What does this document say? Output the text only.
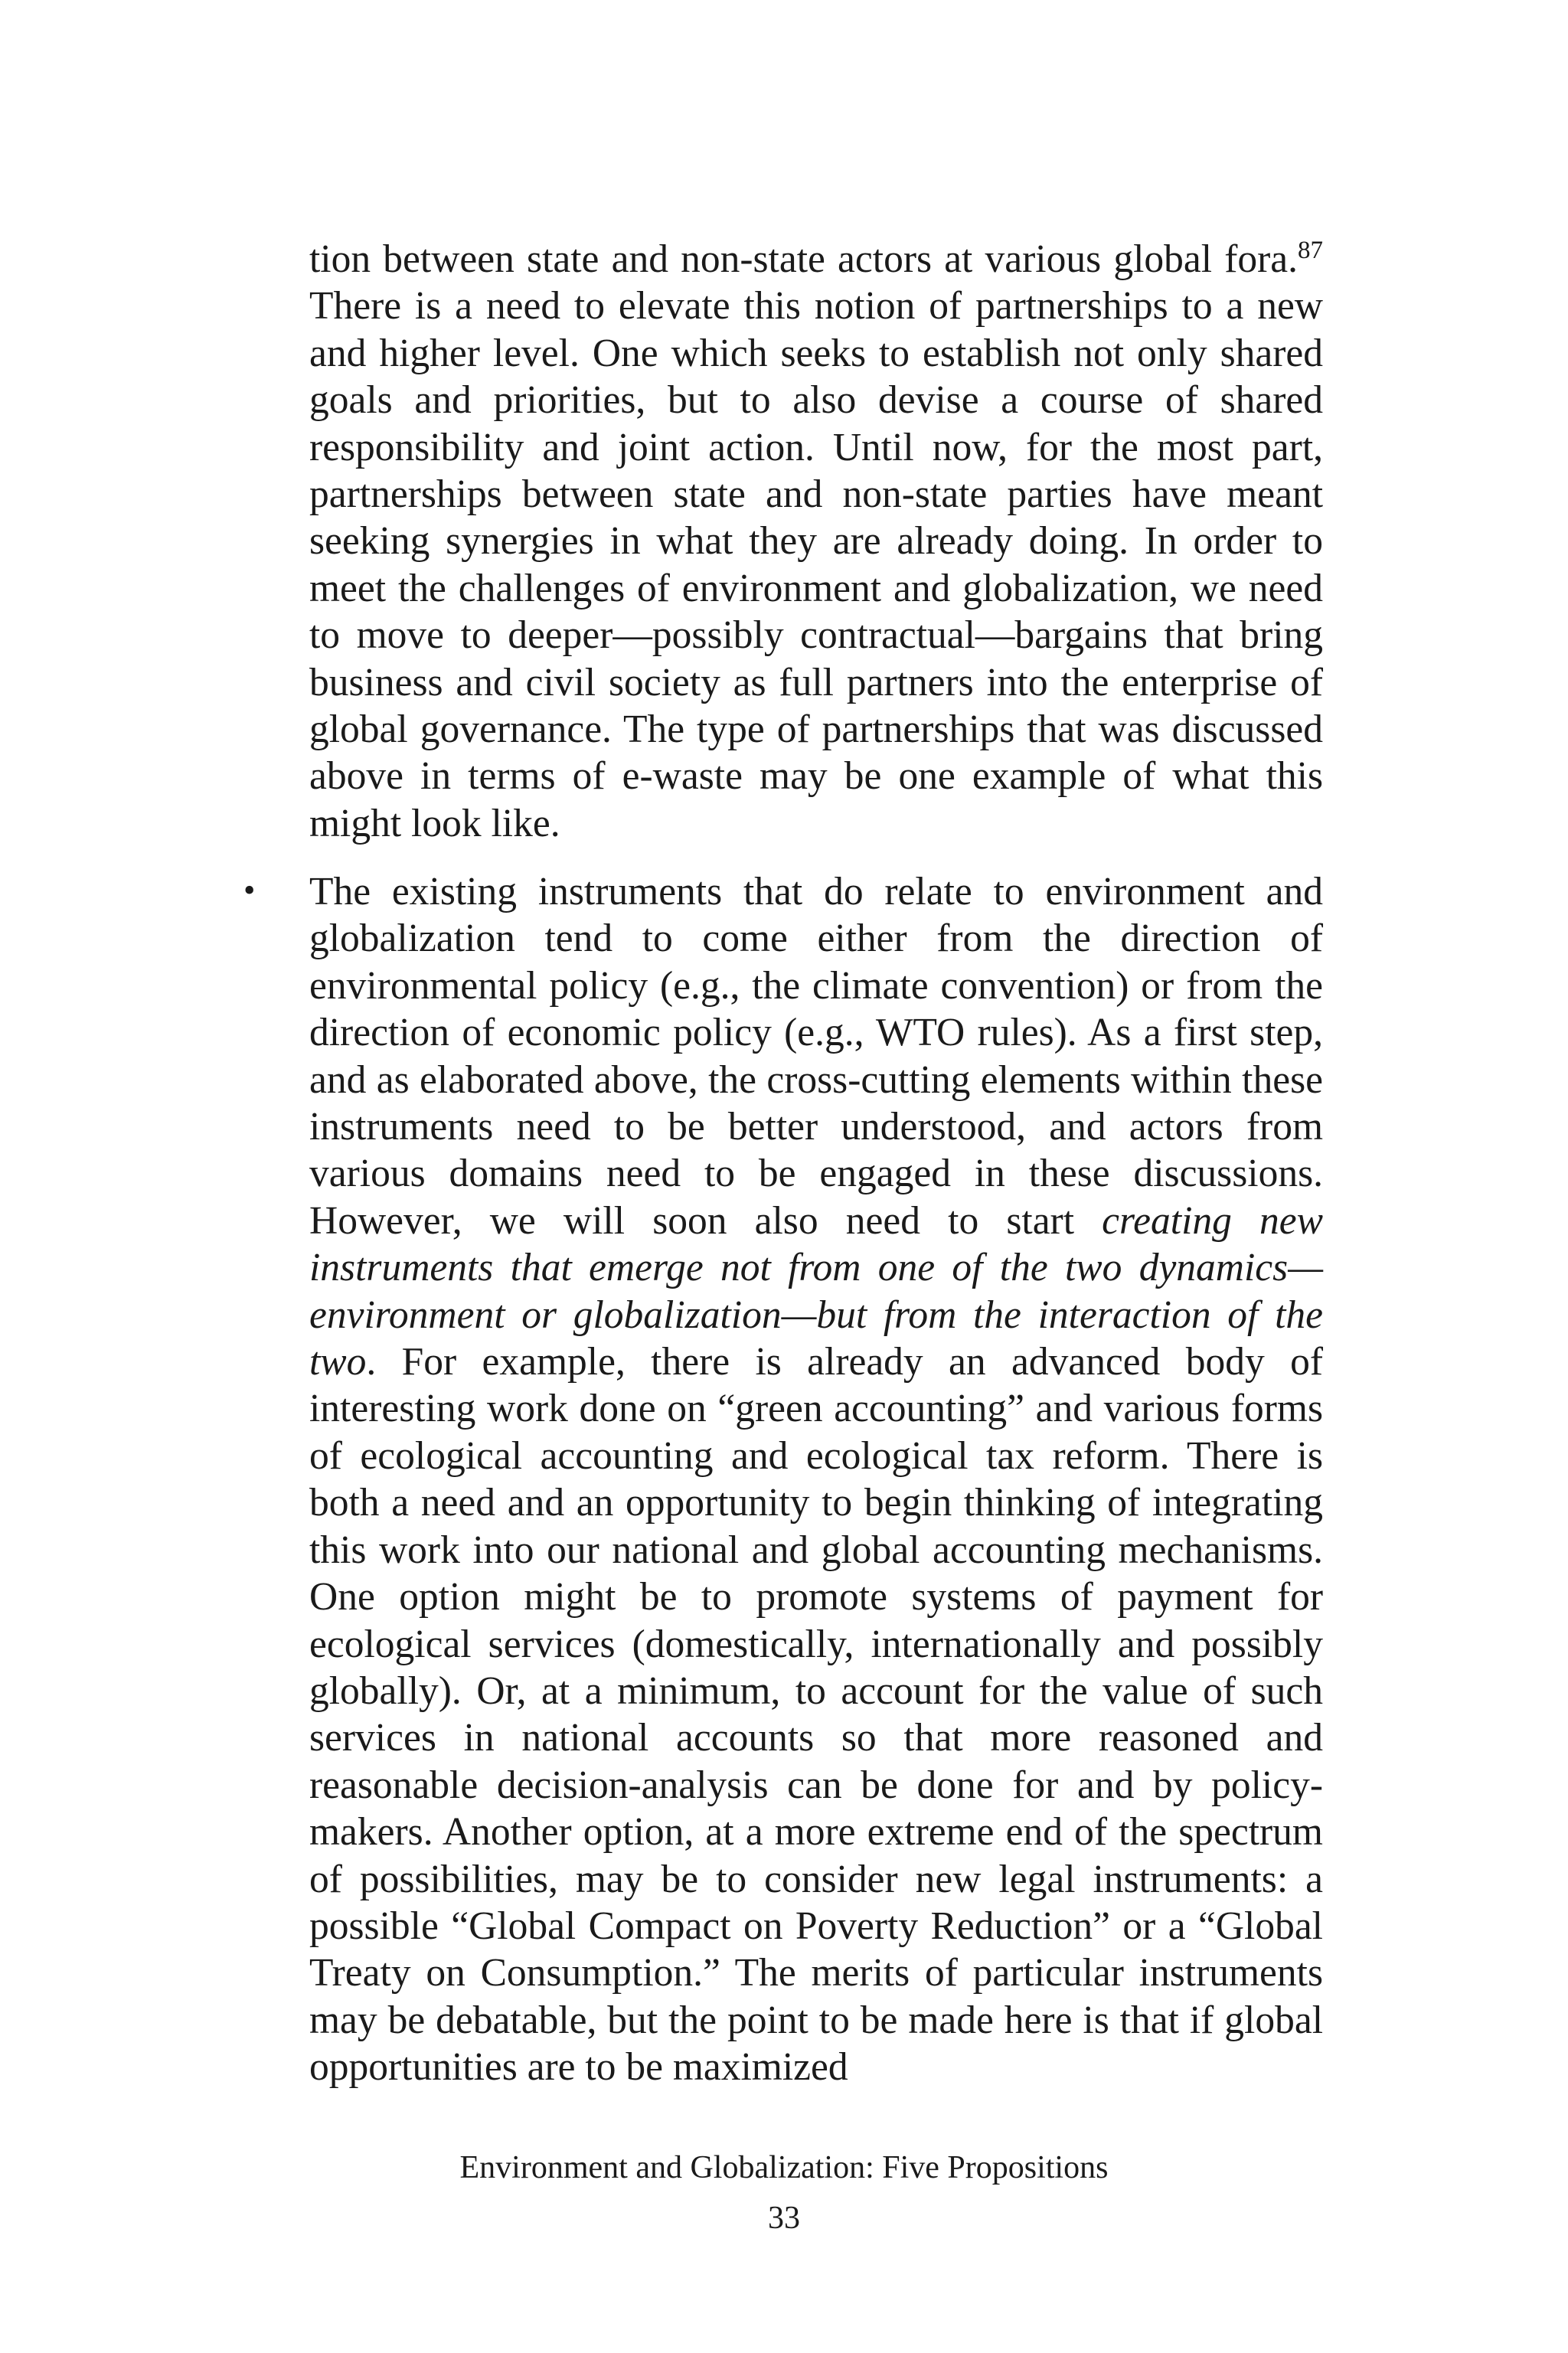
tion between state and non-state actors at various global fora.$^{87}$ There is a need to elevate this notion of partnerships to a new and higher level. One which seeks to establish not only shared goals and priorities, but to also devise a course of shared responsibility and joint action. Until now, for the most part, partnerships between state and non-state parties have meant seeking synergies in what they are already doing. In order to meet the challenges of environment and globalization, we need to move to deeper—possibly contractual—bargains that bring business and civil society as full partners into the enterprise of global governance. The type of partnerships that was discussed above in terms of e-waste may be one example of what this might look like.
• The existing instruments that do relate to environment and globalization tend to come either from the direction of environmental policy (e.g., the climate convention) or from the direction of economic policy (e.g., WTO rules). As a first step, and as elaborated above, the cross-cutting elements within these instruments need to be better understood, and actors from various domains need to be engaged in these discussions. However, we will soon also need to start creating new instruments that emerge not from one of the two dynamics—environment or globalization—but from the interaction of the two. For example, there is already an advanced body of interesting work done on “green accounting” and various forms of ecological accounting and ecological tax reform. There is both a need and an opportunity to begin thinking of integrating this work into our national and global accounting mechanisms. One option might be to promote systems of payment for ecological services (domestically, internationally and possibly globally). Or, at a minimum, to account for the value of such services in national accounts so that more reasoned and reasonable decision-analysis can be done for and by policy-makers. Another option, at a more extreme end of the spectrum of possibilities, may be to consider new legal instruments: a possible “Global Compact on Poverty Reduction” or a “Global Treaty on Consumption.” The merits of particular instruments may be debatable, but the point to be made here is that if global opportunities are to be maximized
Environment and Globalization: Five Propositions
33
